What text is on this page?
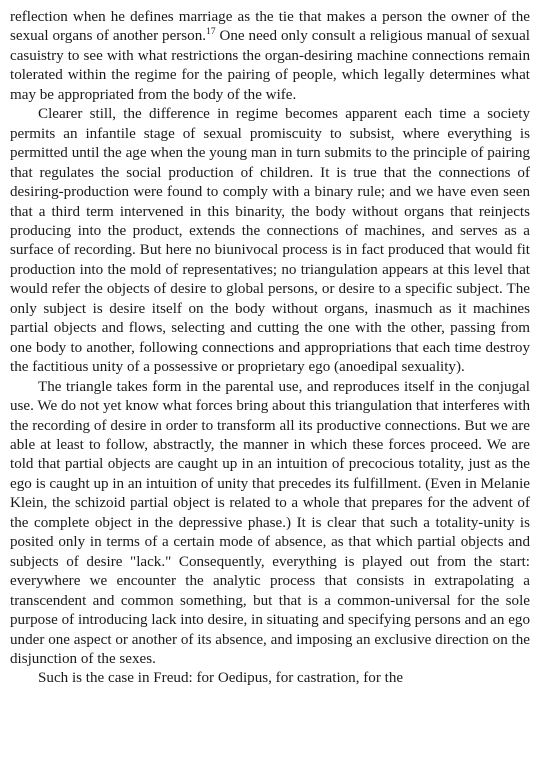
reflection when he defines marriage as the tie that makes a person the owner of the sexual organs of another person.$^{17}$ One need only consult a religious manual of sexual casuistry to see with what restrictions the organ-desiring machine connections remain tolerated within the regime for the pairing of people, which legally determines what may be appropriated from the body of the wife.

Clearer still, the difference in regime becomes apparent each time a society permits an infantile stage of sexual promiscuity to subsist, where everything is permitted until the age when the young man in turn submits to the principle of pairing that regulates the social production of children. It is true that the connections of desiring-production were found to comply with a binary rule; and we have even seen that a third term intervened in this binarity, the body without organs that reinjects producing into the product, extends the connections of machines, and serves as a surface of recording. But here no biunivocal process is in fact produced that would fit production into the mold of representatives; no triangulation appears at this level that would refer the objects of desire to global persons, or desire to a specific subject. The only subject is desire itself on the body without organs, inasmuch as it machines partial objects and flows, selecting and cutting the one with the other, passing from one body to another, following connections and appropriations that each time destroy the factitious unity of a possessive or proprietary ego (anoedipal sexuality).

The triangle takes form in the parental use, and reproduces itself in the conjugal use. We do not yet know what forces bring about this triangulation that interferes with the recording of desire in order to transform all its productive connections. But we are able at least to follow, abstractly, the manner in which these forces proceed. We are told that partial objects are caught up in an intuition of precocious totality, just as the ego is caught up in an intuition of unity that precedes its fulfillment. (Even in Melanie Klein, the schizoid partial object is related to a whole that prepares for the advent of the complete object in the depressive phase.) It is clear that such a totality-unity is posited only in terms of a certain mode of absence, as that which partial objects and subjects of desire "lack." Consequently, everything is played out from the start: everywhere we encounter the analytic process that consists in extrapolating a transcendent and common something, but that is a common-universal for the sole purpose of introducing lack into desire, in situating and specifying persons and an ego under one aspect or another of its absence, and imposing an exclusive direction on the disjunction of the sexes.

Such is the case in Freud: for Oedipus, for castration, for the
